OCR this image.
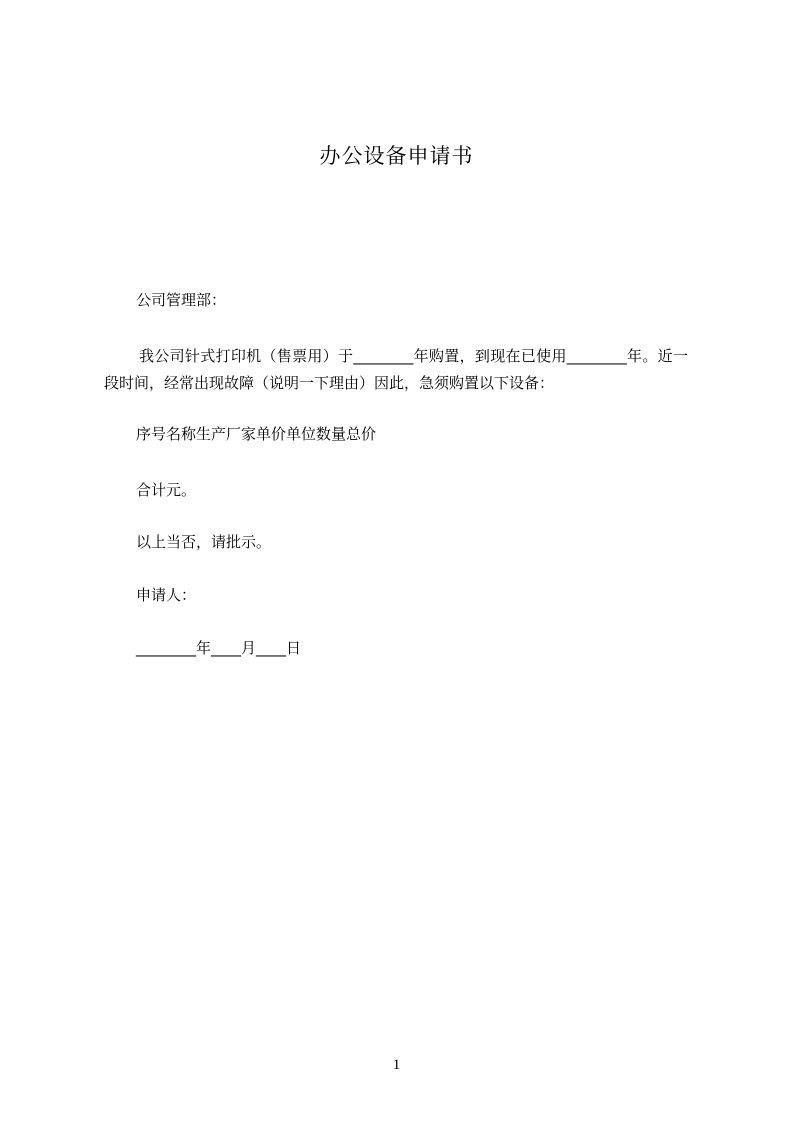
办公设备申请书
公司管理部：
我公司针式打印机（售票用）于________年购置，到现在已使用________年。近一段时间，经常出现故障（说明一下理由）因此，急须购置以下设备：
序号名称生产厂家单价单位数量总价
合计元。
以上当否，请批示。
申请人：
________年____月____日
1
